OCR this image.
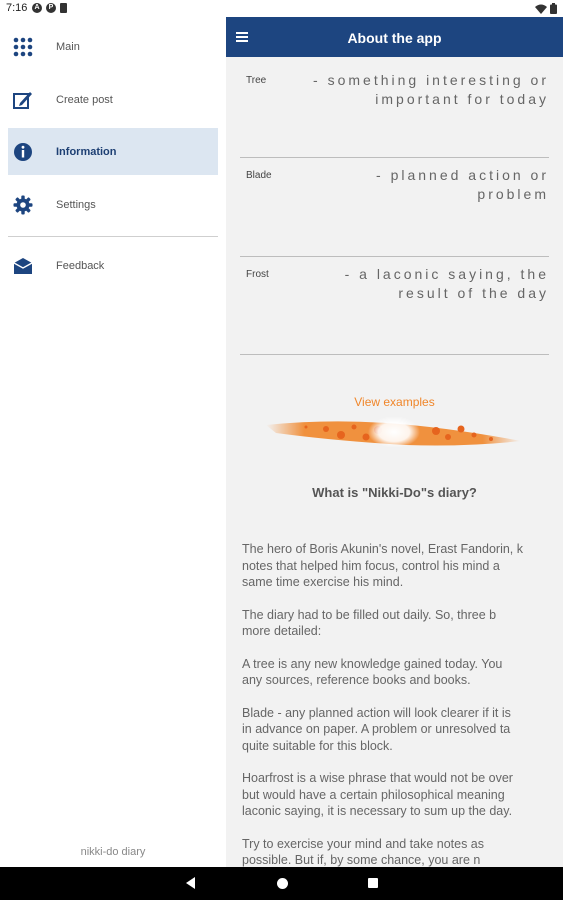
7:16	A	P
Main
Create post
Information
Settings
Feedback
nikki-do diary
About the app
Tree	- something interesting or important for today
Blade	- planned action or problem
Frost	- a laconic saying, the result of the day
View examples
What is "Nikki-Do"s diary?

The hero of Boris Akunin's novel, Erast Fandorin, k
notes that helped him focus, control his mind a
same time exercise his mind.

The diary had to be filled out daily. So, three b
more detailed:

A tree is any new knowledge gained today. You
any sources, reference books and books.

Blade - any planned action will look clearer if it is
in advance on paper. A problem or unresolved ta
quite suitable for this block.

Hoarfrost is a wise phrase that would not be over
but would have a certain philosophical meaning
laconic saying, it is necessary to sum up the day.

Try to exercise your mind and take notes as
possible. But if, by some chance, you are n
